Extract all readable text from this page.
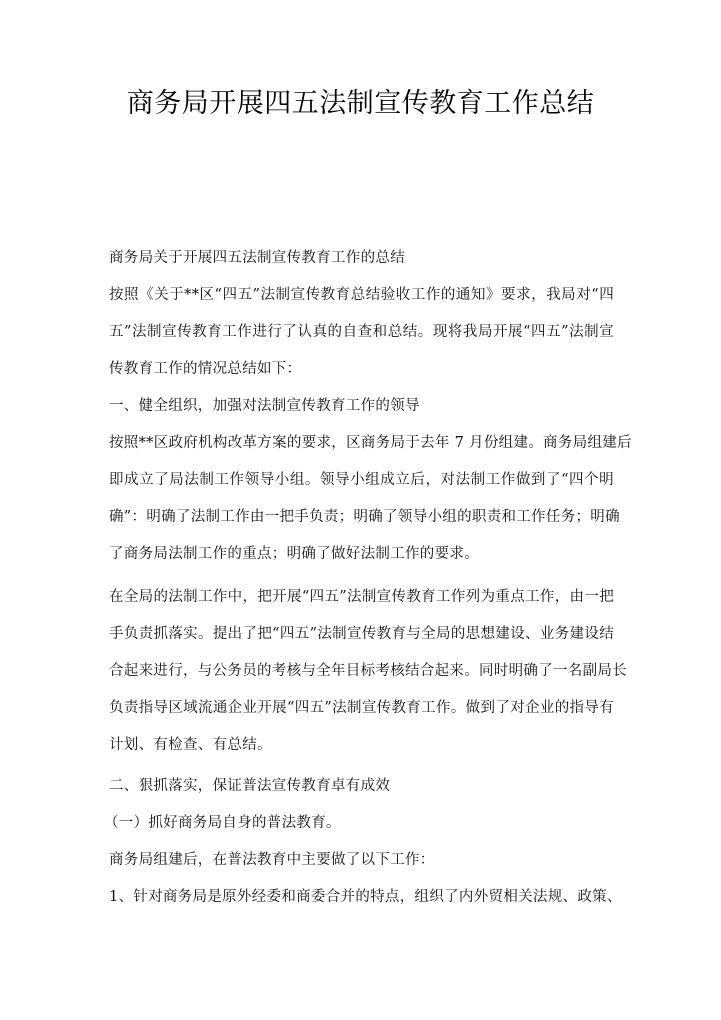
商务局开展四五法制宣传教育工作总结
商务局关于开展四五法制宣传教育工作的总结
按照《关于**区“四五”法制宣传教育总结验收工作的通知》要求，我局对“四
五”法制宣传教育工作进行了认真的自查和总结。现将我局开展“四五”法制宣
传教育工作的情况总结如下：
一、健全组织，加强对法制宣传教育工作的领导
按照**区政府机构改革方案的要求，区商务局于去年 7 月份组建。商务局组建后
即成立了局法制工作领导小组。领导小组成立后，对法制工作做到了“四个明
确”：明确了法制工作由一把手负责；明确了领导小组的职责和工作任务；明确
了商务局法制工作的重点；明确了做好法制工作的要求。
在全局的法制工作中，把开展“四五”法制宣传教育工作列为重点工作，由一把
手负责抓落实。提出了把“四五”法制宣传教育与全局的思想建设、业务建设结
合起来进行，与公务员的考核与全年目标考核结合起来。同时明确了一名副局长
负责指导区域流通企业开展“四五”法制宣传教育工作。做到了对企业的指导有
计划、有检查、有总结。
二、狠抓落实，保证普法宣传教育卓有成效
（一）抓好商务局自身的普法教育。
商务局组建后，在普法教育中主要做了以下工作：
1、针对商务局是原外经委和商委合并的特点，组织了内外贸相关法规、政策、
